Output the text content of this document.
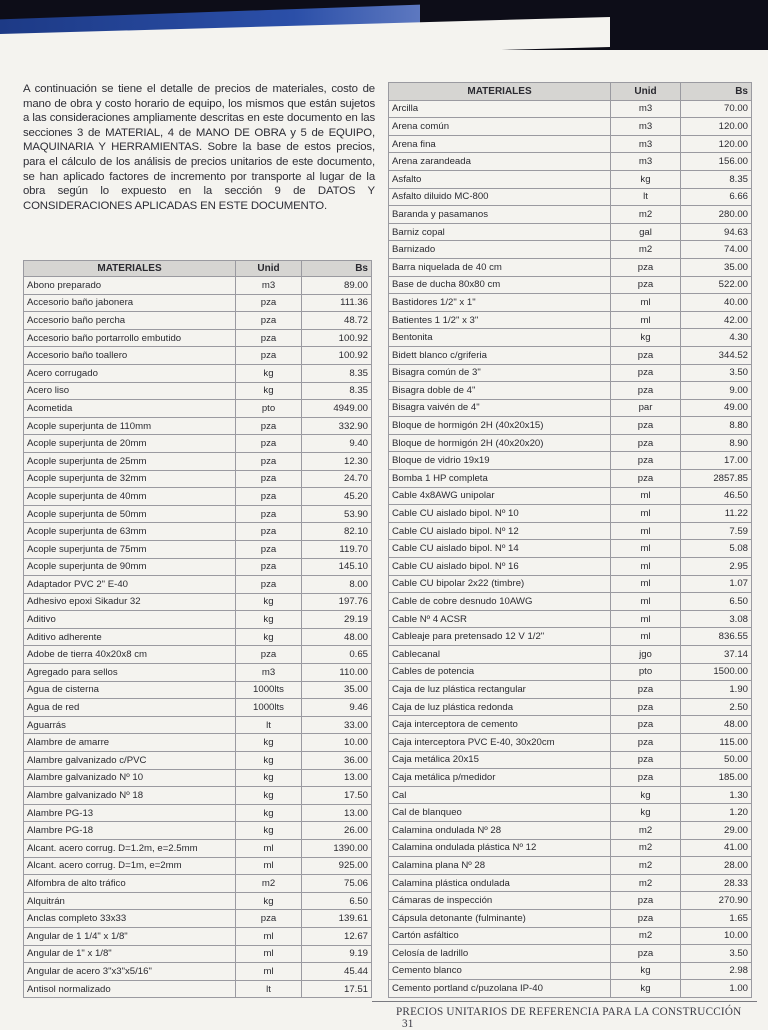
A continuación se tiene el detalle de precios de materiales, costo de mano de obra y costo horario de equipo, los mismos que están sujetos a las consideraciones ampliamente descritas en este documento en las secciones 3 de MATERIAL, 4 de MANO DE OBRA y 5 de EQUIPO, MAQUINARIA Y HERRAMIENTAS. Sobre la base de estos precios, para el cálculo de los análisis de precios unitarios de este documento, se han aplicado factores de incremento por transporte al lugar de la obra según lo expuesto en la sección 9 de DATOS Y CONSIDERACIONES APLICADAS EN ESTE DOCUMENTO.
MATERIALES	Unid	Bs
Abono preparado	m3	89.00
Accesorio baño jabonera	pza	111.36
Accesorio baño percha	pza	48.72
Accesorio baño portarrollo embutido	pza	100.92
Accesorio baño toallero	pza	100.92
Acero corrugado	kg	8.35
Acero liso	kg	8.35
Acometida	pto	4949.00
Acople superjunta de 110mm	pza	332.90
Acople superjunta de 20mm	pza	9.40
Acople superjunta de 25mm	pza	12.30
Acople superjunta de 32mm	pza	24.70
Acople superjunta de 40mm	pza	45.20
Acople superjunta de 50mm	pza	53.90
Acople superjunta de 63mm	pza	82.10
Acople superjunta de 75mm	pza	119.70
Acople superjunta de 90mm	pza	145.10
Adaptador PVC 2" E-40	pza	8.00
Adhesivo epoxi Sikadur 32	kg	197.76
Aditivo	kg	29.19
Aditivo adherente	kg	48.00
Adobe de tierra 40x20x8 cm	pza	0.65
Agregado para sellos	m3	110.00
Agua de cisterna	1000lts	35.00
Agua de red	1000lts	9.46
Aguarrás	lt	33.00
Alambre de amarre	kg	10.00
Alambre galvanizado c/PVC	kg	36.00
Alambre galvanizado Nº 10	kg	13.00
Alambre galvanizado Nº 18	kg	17.50
Alambre PG-13	kg	13.00
Alambre PG-18	kg	26.00
Alcant. acero corrug. D=1.2m, e=2.5mm	ml	1390.00
Alcant. acero corrug. D=1m, e=2mm	ml	925.00
Alfombra de alto tráfico	m2	75.06
Alquitrán	kg	6.50
Anclas completo 33x33	pza	139.61
Angular de 1 1/4" x 1/8"	ml	12.67
Angular de 1" x 1/8"	ml	9.19
Angular de acero 3"x3"x5/16"	ml	45.44
Antisol normalizado	lt	17.51
MATERIALES	Unid	Bs
Arcilla	m3	70.00
Arena común	m3	120.00
Arena fina	m3	120.00
Arena zarandeada	m3	156.00
Asfalto	kg	8.35
Asfalto diluido MC-800	lt	6.66
Baranda y pasamanos	m2	280.00
Barniz copal	gal	94.63
Barnizado	m2	74.00
Barra niquelada de 40 cm	pza	35.00
Base de ducha 80x80 cm	pza	522.00
Bastidores 1/2" x 1"	ml	40.00
Batientes 1 1/2" x 3"	ml	42.00
Bentonita	kg	4.30
Bidett blanco c/griferia	pza	344.52
Bisagra común de 3"	pza	3.50
Bisagra doble de 4"	pza	9.00
Bisagra vaivén de 4"	par	49.00
Bloque de hormigón 2H (40x20x15)	pza	8.80
Bloque de hormigón 2H (40x20x20)	pza	8.90
Bloque de vidrio 19x19	pza	17.00
Bomba 1 HP completa	pza	2857.85
Cable 4x8AWG unipolar	ml	46.50
Cable CU aislado bipol. Nº 10	ml	11.22
Cable CU aislado bipol. Nº 12	ml	7.59
Cable CU aislado bipol. Nº 14	ml	5.08
Cable CU aislado bipol. Nº 16	ml	2.95
Cable CU bipolar 2x22 (timbre)	ml	1.07
Cable de cobre desnudo 10AWG	ml	6.50
Cable Nº 4 ACSR	ml	3.08
Cableaje para pretensado 12 V 1/2"	ml	836.55
Cablecanal	jgo	37.14
Cables de potencia	pto	1500.00
Caja de luz plástica rectangular	pza	1.90
Caja de luz plástica redonda	pza	2.50
Caja interceptora de cemento	pza	48.00
Caja interceptora PVC E-40, 30x20cm	pza	115.00
Caja metálica 20x15	pza	50.00
Caja metálica p/medidor	pza	185.00
Cal	kg	1.30
Cal de blanqueo	kg	1.20
Calamina ondulada Nº 28	m2	29.00
Calamina ondulada plástica Nº 12	m2	41.00
Calamina plana Nº 28	m2	28.00
Calamina plástica ondulada	m2	28.33
Cámaras de inspección	pza	270.90
Cápsula detonante (fulminante)	pza	1.65
Cartón asfáltico	m2	10.00
Celosía de ladrillo	pza	3.50
Cemento blanco	kg	2.98
Cemento portland c/puzolana IP-40	kg	1.00
PRECIOS UNITARIOS DE REFERENCIA PARA LA CONSTRUCCIÓN 31
